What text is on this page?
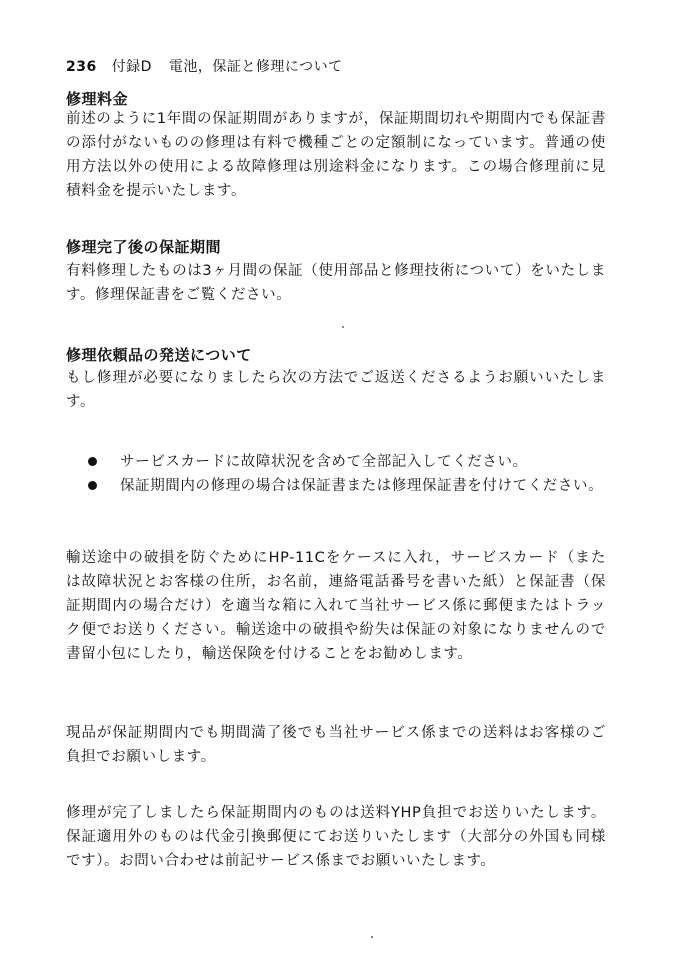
236 付録D 電池，保証と修理について
修理料金

前述のように1年間の保証期間がありますが，保証期間切れや期間内でも保証書の添付がないものの修理は有料で機種ごとの定額制になっています。普通の使用方法以外の使用による故障修理は別途料金になります。この場合修理前に見積料金を提示いたします。

修理完了後の保証期間

有料修理したものは3ヶ月間の保証（使用部品と修理技術について）をいたします。修理保証書をご覧ください。

修理依頼品の発送について

もし修理が必要になりましたら次の方法でご返送くださるようお願いいたします。

サービスカードに故障状況を含めて全部記入してください。
保証期間内の修理の場合は保証書または修理保証書を付けてください。

輸送途中の破損を防ぐためにHP-11Cをケースに入れ，サービスカード（または故障状況とお客様の住所，お名前，連絡電話番号を書いた紙）と保証書（保証期間内の場合だけ）を適当な箱に入れて当社サービス係に郵便またはトラック便でお送りください。輸送途中の破損や紛失は保証の対象になりませんので書留小包にしたり，輸送保険を付けることをお勧めします。

現品が保証期間内でも期間満了後でも当社サービス係までの送料はお客様のご負担でお願いします。

修理が完了しましたら保証期間内のものは送料YHP負担でお送りいたします。保証適用外のものは代金引換郵便にてお送りいたします（大部分の外国も同様です）。お問い合わせは前記サービス係までお願いいたします。
